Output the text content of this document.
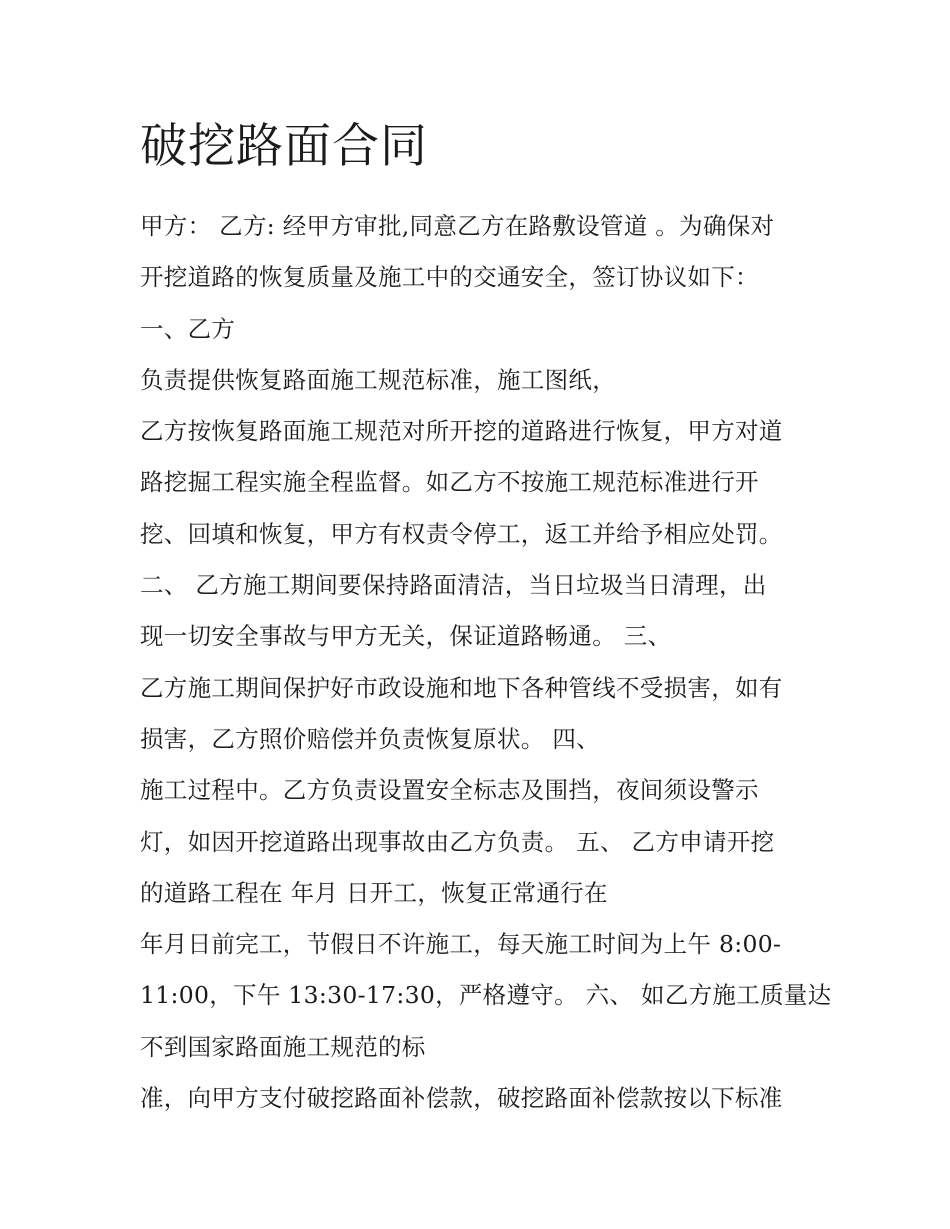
破挖路面合同
甲方： 乙方: 经甲方审批,同意乙方在路敷设管道 。为确保对
开挖道路的恢复质量及施工中的交通安全，签订协议如下：
一、乙方
负责提供恢复路面施工规范标准，施工图纸，
乙方按恢复路面施工规范对所开挖的道路进行恢复，甲方对道
路挖掘工程实施全程监督。如乙方不按施工规范标准进行开
挖、回填和恢复，甲方有权责令停工，返工并给予相应处罚。
二、 乙方施工期间要保持路面清洁，当日垃圾当日清理，出
现一切安全事故与甲方无关，保证道路畅通。 三、
乙方施工期间保护好市政设施和地下各种管线不受损害，如有
损害，乙方照价赔偿并负责恢复原状。 四、
施工过程中。乙方负责设置安全标志及围挡，夜间须设警示
灯，如因开挖道路出现事故由乙方负责。 五、 乙方申请开挖
的道路工程在 年月 日开工，恢复正常通行在
年月日前完工，节假日不许施工，每天施工时间为上午 8:00-
11:00，下午 13:30-17:30，严格遵守。 六、 如乙方施工质量达
不到国家路面施工规范的标
准，向甲方支付破挖路面补偿款，破挖路面补偿款按以下标准
